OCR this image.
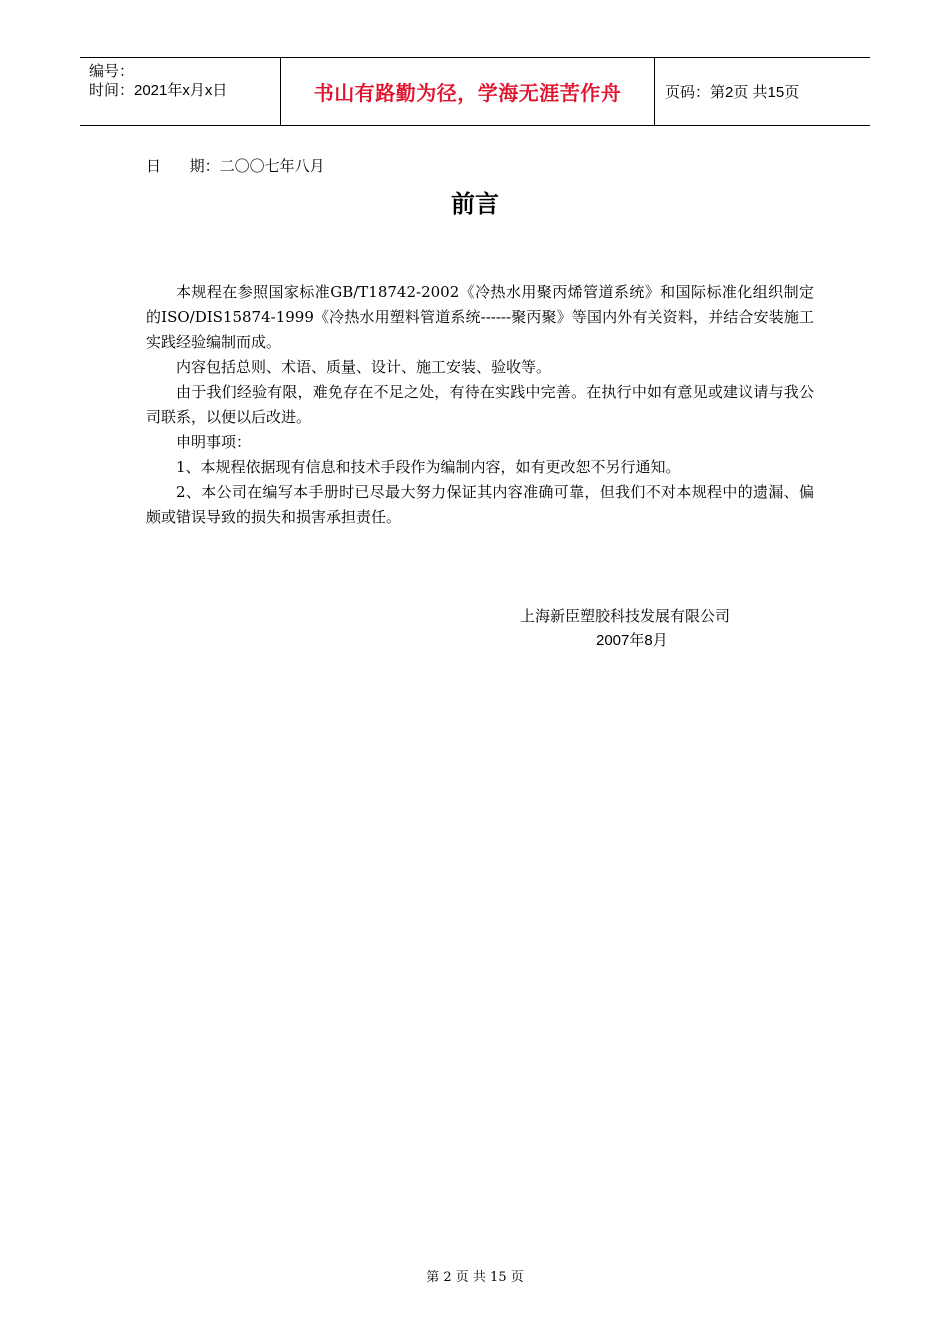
编号：
时间：2021年x月x日	书山有路勤为径，学海无涯苦作舟	页码：第2页 共15页
日      期：二〇〇七年八月
前言

本规程在参照国家标准GB/T18742-2002《冷热水用聚丙烯管道系统》和国际标准化组织制定的ISO/DIS15874-1999《冷热水用塑料管道系统------聚丙聚》等国内外有关资料，并结合安装施工实践经验编制而成。

内容包括总则、术语、质量、设计、施工安装、验收等。

由于我们经验有限，难免存在不足之处，有待在实践中完善。在执行中如有意见或建议请与我公司联系，以便以后改进。

申明事项：

1、本规程依据现有信息和技术手段作为编制内容，如有更改恕不另行通知。

2、本公司在编写本手册时已尽最大努力保证其内容准确可靠，但我们不对本规程中的遗漏、偏颇或错误导致的损失和损害承担责任。

上海新臣塑胶科技发展有限公司
2007年8月
第 2 页 共 15 页
